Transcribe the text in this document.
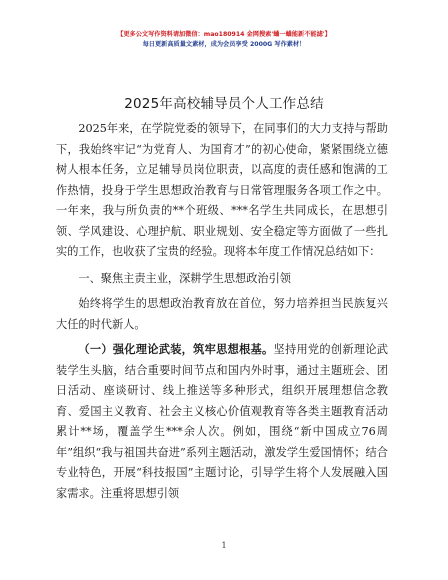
【更多公文写作资料请加微信：mao180914 金网搜索'蛐一蛐能新不能滤'】
每日更新高质量文素材，成为会员享受 2000G 写作素材！
2025年高校辅导员个人工作总结

2025年来，在学院党委的领导下，在同事们的大力支持与帮助下，我始终牢记“为党育人、为国育才”的初心使命，紧紧围绕立德树人根本任务，立足辅导员岗位职责，以高度的责任感和饱满的工作热情，投身于学生思想政治教育与日常管理服务各项工作之中。一年来，我与所负责的**个班级、***名学生共同成长，在思想引领、学风建设、心理护航、职业规划、安全稳定等方面做了一些扎实的工作，也收获了宝贵的经验。现将本年度工作情况总结如下：

一、聚焦主责主业，深耕学生思想政治引领

始终将学生的思想政治教育放在首位，努力培养担当民族复兴大任的时代新人。

（一）强化理论武装，筑牢思想根基。坚持用党的创新理论武装学生头脑，结合重要时间节点和国内外时事，通过主题班会、团日活动、座谈研讨、线上推送等多种形式，组织开展理想信念教育、爱国主义教育、社会主义核心价值观教育等各类主题教育活动累计**场，覆盖学生***余人次。例如，围绕“新中国成立76周年”组织“我与祖国共奋进”系列主题活动，激发学生爱国情怀；结合专业特色，开展“科技报国”主题讨论，引导学生将个人发展融入国家需求。注重将思想引领

1
